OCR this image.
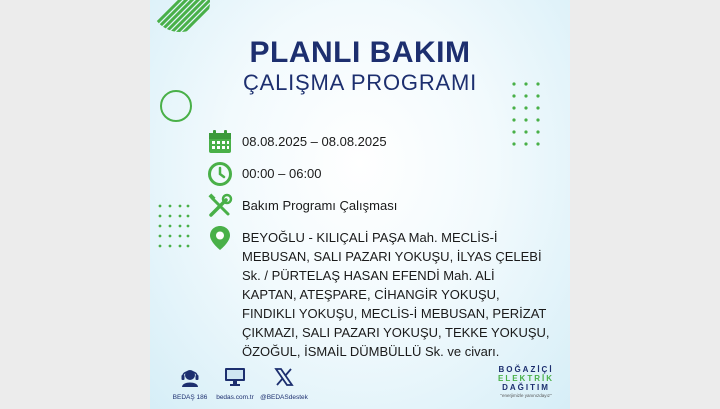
PLANLI BAKIM
ÇALIŞMA PROGRAMI
08.08.2025 – 08.08.2025
00:00 – 06:00
Bakım Programı Çalışması
BEYOĞLU - KILIÇALİ PAŞA Mah. MECLİS-İ MEBUSAN, SALI PAZARI YOKUŞU, İLYAS ÇELEBİ Sk. / PÜRTELAŞ HASAN EFENDİ Mah. ALİ KAPTAN, ATEŞPARE, CİHANGİR YOKUŞU, FINDIKLI YOKUŞU, MECLİS-İ MEBUSAN, PERİZAT ÇIKMAZI, SALI PAZARI YOKUŞU, TEKKE YOKUŞU, ÖZOĞUL, İSMAİL DÜMBÜLLÜ Sk. ve civarı.
BEDAŞ 186	bedas.com.tr @BEDASdestek
BOĞAZİÇİ
ELEKTRİK
DAĞITIM
"enerjimizle yanınızdayız"
